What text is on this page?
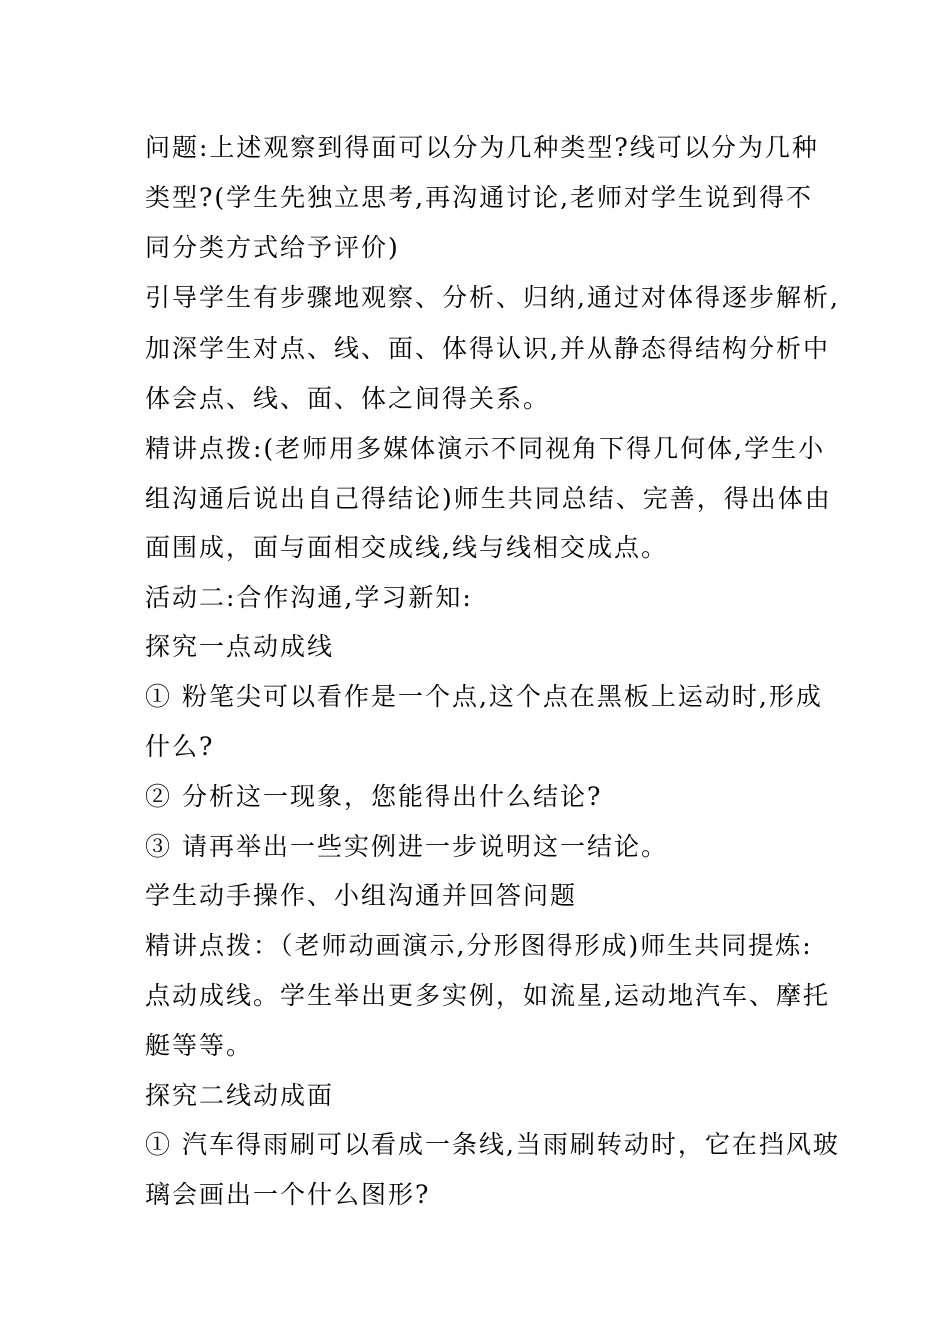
问题:上述观察到得面可以分为几种类型?线可以分为几种
类型?(学生先独立思考,再沟通讨论,老师对学生说到得不
同分类方式给予评价)
引导学生有步骤地观察、分析、归纳,通过对体得逐步解析,
加深学生对点、线、面、体得认识,并从静态得结构分析中
体会点、线、面、体之间得关系。
精讲点拨:(老师用多媒体演示不同视角下得几何体,学生小
组沟通后说出自己得结论)师生共同总结、完善，得出体由
面围成，面与面相交成线,线与线相交成点。
活动二:合作沟通,学习新知:
探究一点动成线
① 粉笔尖可以看作是一个点,这个点在黑板上运动时,形成
什么?
② 分析这一现象，您能得出什么结论?
③ 请再举出一些实例进一步说明这一结论。
学生动手操作、小组沟通并回答问题
精讲点拨：（老师动画演示,分形图得形成)师生共同提炼:
点动成线。学生举出更多实例，如流星,运动地汽车、摩托
艇等等。
探究二线动成面
① 汽车得雨刷可以看成一条线,当雨刷转动时，它在挡风玻
璃会画出一个什么图形?
